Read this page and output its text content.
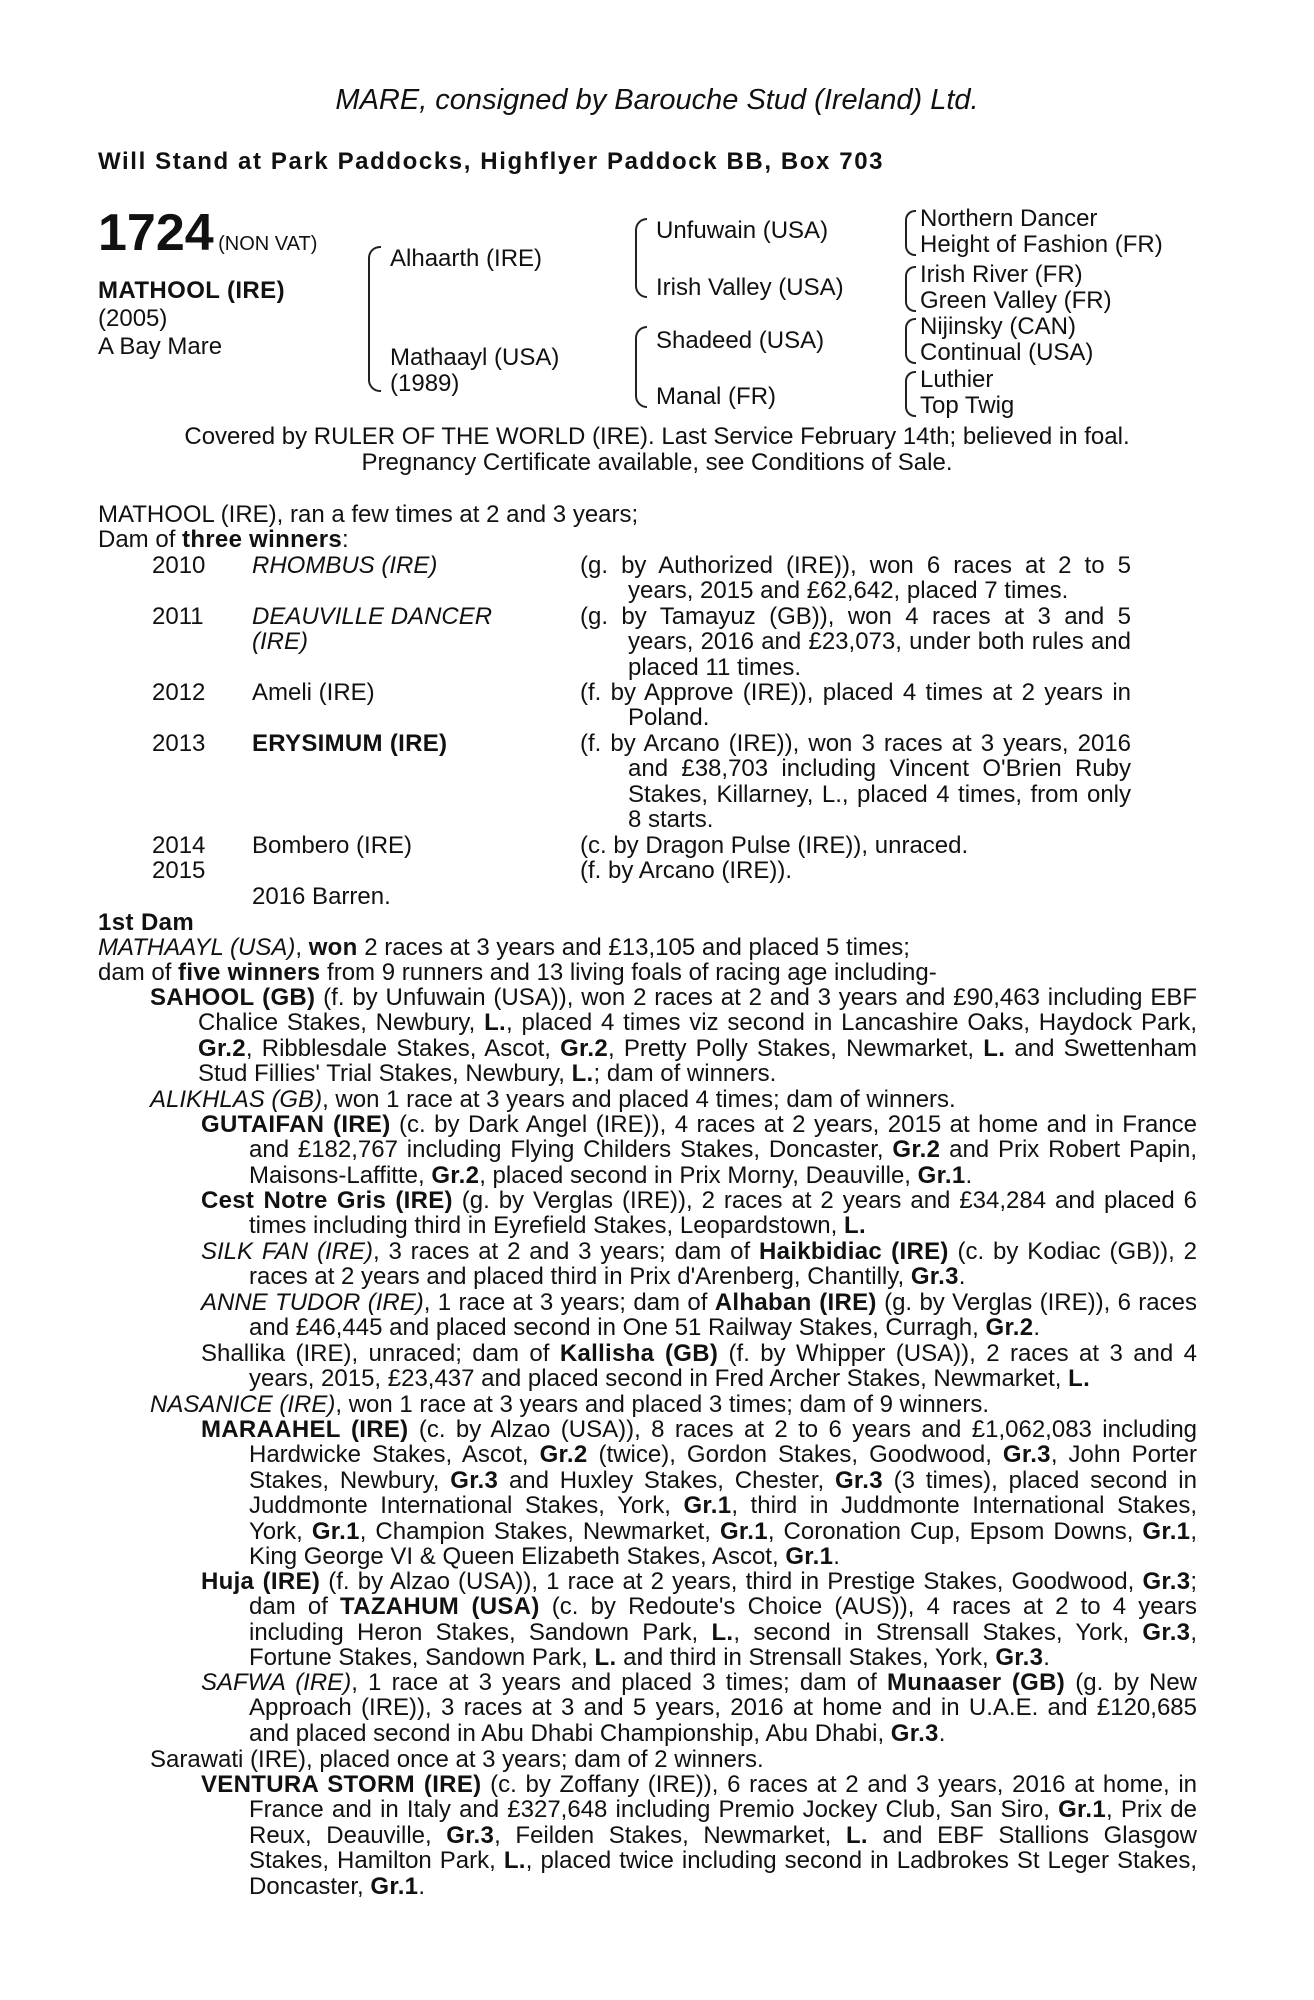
MARE, consigned by Barouche Stud (Ireland) Ltd.
Will Stand at Park Paddocks, Highflyer Paddock BB, Box 703
1724 (NON VAT)
MATHOOL (IRE)
(2005)
A Bay Mare
Alhaarth (IRE)
Mathaayl (USA)
(1989)
Unfuwain (USA)
Irish Valley (USA)
Shadeed (USA)
Manal (FR)
Northern Dancer
Height of Fashion (FR)
Irish River (FR)
Green Valley (FR)
Nijinsky (CAN)
Continual (USA)
Luthier
Top Twig
Covered by RULER OF THE WORLD (IRE). Last Service February 14th; believed in foal.
Pregnancy Certificate available, see Conditions of Sale.
MATHOOL (IRE), ran a few times at 2 and 3 years;
Dam of three winners:
2010 RHOMBUS (IRE)	(g. by Authorized (IRE)), won 6 races at 2 to 5 years, 2015 and £62,642, placed 7 times.
2011 DEAUVILLE DANCER (IRE)
(g. by Tamayuz (GB)), won 4 races at 3 and 5 years, 2016 and £23,073, under both rules and placed 11 times.
2012 Ameli (IRE)	(f. by Approve (IRE)), placed 4 times at 2 years in Poland.
2013 ERYSIMUM (IRE)	(f. by Arcano (IRE)), won 3 races at 3 years, 2016 and £38,703 including Vincent O'Brien Ruby Stakes, Killarney, L., placed 4 times, from only 8 starts.
2014 Bombero (IRE)	(c. by Dragon Pulse (IRE)), unraced.
2015	(f. by Arcano (IRE)).
2016 Barren.
1st Dam
MATHAAYL (USA), won 2 races at 3 years and £13,105 and placed 5 times;
dam of five winners from 9 runners and 13 living foals of racing age including-

SAHOOL (GB) (f. by Unfuwain (USA)), won 2 races at 2 and 3 years and £90,463 including EBF Chalice Stakes, Newbury, L., placed 4 times viz second in Lancashire Oaks, Haydock Park, Gr.2, Ribblesdale Stakes, Ascot, Gr.2, Pretty Polly Stakes, Newmarket, L. and Swettenham Stud Fillies' Trial Stakes, Newbury, L.; dam of winners.

ALIKHLAS (GB), won 1 race at 3 years and placed 4 times; dam of winners.

GUTAIFAN (IRE) (c. by Dark Angel (IRE)), 4 races at 2 years, 2015 at home and in France and £182,767 including Flying Childers Stakes, Doncaster, Gr.2 and Prix Robert Papin, Maisons-Laffitte, Gr.2, placed second in Prix Morny, Deauville, Gr.1.

Cest Notre Gris (IRE) (g. by Verglas (IRE)), 2 races at 2 years and £34,284 and placed 6 times including third in Eyrefield Stakes, Leopardstown, L.

SILK FAN (IRE), 3 races at 2 and 3 years; dam of Haikbidiac (IRE) (c. by Kodiac (GB)), 2 races at 2 years and placed third in Prix d'Arenberg, Chantilly, Gr.3.

ANNE TUDOR (IRE), 1 race at 3 years; dam of Alhaban (IRE) (g. by Verglas (IRE)), 6 races and £46,445 and placed second in One 51 Railway Stakes, Curragh, Gr.2.

Shallika (IRE), unraced; dam of Kallisha (GB) (f. by Whipper (USA)), 2 races at 3 and 4 years, 2015, £23,437 and placed second in Fred Archer Stakes, Newmarket, L.

NASANICE (IRE), won 1 race at 3 years and placed 3 times; dam of 9 winners.

MARAAHEL (IRE) (c. by Alzao (USA)), 8 races at 2 to 6 years and £1,062,083 including Hardwicke Stakes, Ascot, Gr.2 (twice), Gordon Stakes, Goodwood, Gr.3, John Porter Stakes, Newbury, Gr.3 and Huxley Stakes, Chester, Gr.3 (3 times), placed second in Juddmonte International Stakes, York, Gr.1, third in Juddmonte International Stakes, York, Gr.1, Champion Stakes, Newmarket, Gr.1, Coronation Cup, Epsom Downs, Gr.1, King George VI & Queen Elizabeth Stakes, Ascot, Gr.1.

Huja (IRE) (f. by Alzao (USA)), 1 race at 2 years, third in Prestige Stakes, Goodwood, Gr.3; dam of TAZAHUM (USA) (c. by Redoute's Choice (AUS)), 4 races at 2 to 4 years including Heron Stakes, Sandown Park, L., second in Strensall Stakes, York, Gr.3, Fortune Stakes, Sandown Park, L. and third in Strensall Stakes, York, Gr.3.

SAFWA (IRE), 1 race at 3 years and placed 3 times; dam of Munaaser (GB) (g. by New Approach (IRE)), 3 races at 3 and 5 years, 2016 at home and in U.A.E. and £120,685 and placed second in Abu Dhabi Championship, Abu Dhabi, Gr.3.

Sarawati (IRE), placed once at 3 years; dam of 2 winners.

VENTURA STORM (IRE) (c. by Zoffany (IRE)), 6 races at 2 and 3 years, 2016 at home, in France and in Italy and £327,648 including Premio Jockey Club, San Siro, Gr.1, Prix de Reux, Deauville, Gr.3, Feilden Stakes, Newmarket, L. and EBF Stallions Glasgow Stakes, Hamilton Park, L., placed twice including second in Ladbrokes St Leger Stakes, Doncaster, Gr.1.
